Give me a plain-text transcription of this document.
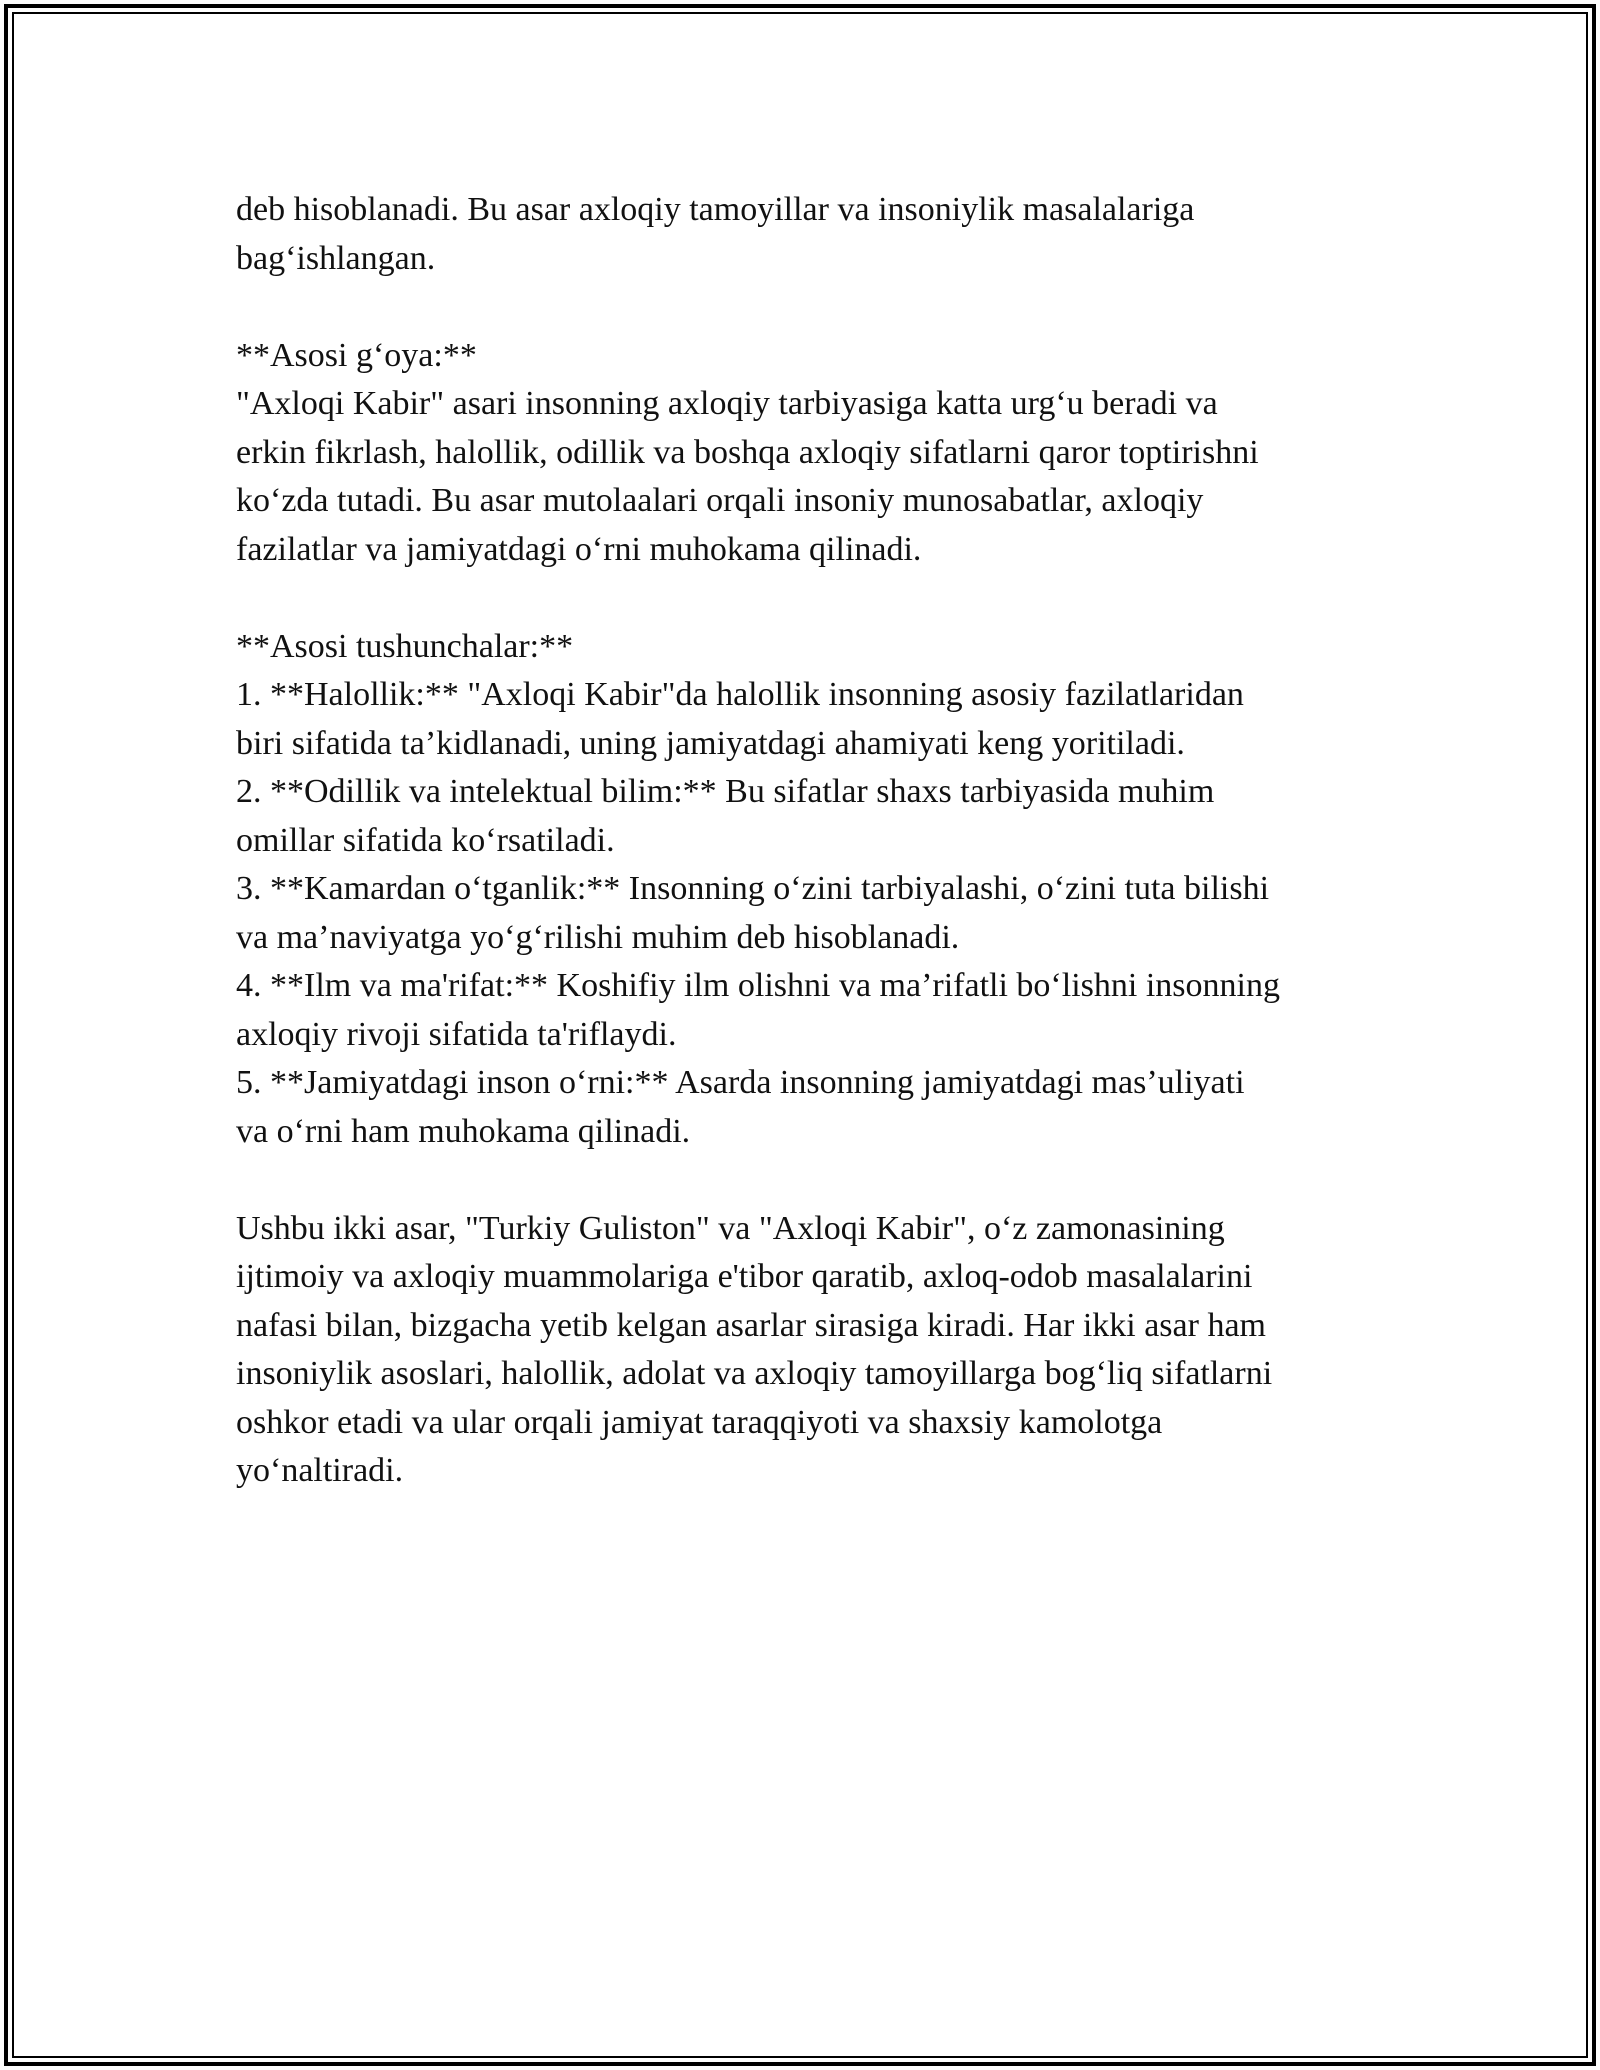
deb hisoblanadi. Bu asar axloqiy tamoyillar va insoniylik masalalariga
bag‘ishlangan.
**Asosi g‘oya:**
"Axloqi Kabir" asari insonning axloqiy tarbiyasiga katta urg‘u beradi va
erkin fikrlash, halollik, odillik va boshqa axloqiy sifatlarni qaror toptirishni
ko‘zda tutadi. Bu asar mutolaalari orqali insoniy munosabatlar, axloqiy
fazilatlar va jamiyatdagi o‘rni muhokama qilinadi.
**Asosi tushunchalar:**
1. **Halollik:** "Axloqi Kabir"da halollik insonning asosiy fazilatlaridan
biri sifatida ta’kidlanadi, uning jamiyatdagi ahamiyati keng yoritiladi.
2. **Odillik va intelektual bilim:** Bu sifatlar shaxs tarbiyasida muhim
omillar sifatida ko‘rsatiladi.
3. **Kamardan o‘tganlik:** Insonning o‘zini tarbiyalashi, o‘zini tuta bilishi
va ma’naviyatga yo‘g‘rilishi muhim deb hisoblanadi.
4. **Ilm va ma'rifat:** Koshifiy ilm olishni va ma’rifatli bo‘lishni insonning
axloqiy rivoji sifatida ta'riflaydi.
5. **Jamiyatdagi inson o‘rni:** Asarda insonning jamiyatdagi mas’uliyati
va o‘rni ham muhokama qilinadi.
Ushbu ikki asar, "Turkiy Guliston" va "Axloqi Kabir", o‘z zamonasining
ijtimoiy va axloqiy muammolariga e'tibor qaratib, axloq-odob masalalarini
nafasi bilan, bizgacha yetib kelgan asarlar sirasiga kiradi. Har ikki asar ham
insoniylik asoslari, halollik, adolat va axloqiy tamoyillarga bog‘liq sifatlarni
oshkor etadi va ular orqali jamiyat taraqqiyoti va shaxsiy kamolotga
yo‘naltiradi.
